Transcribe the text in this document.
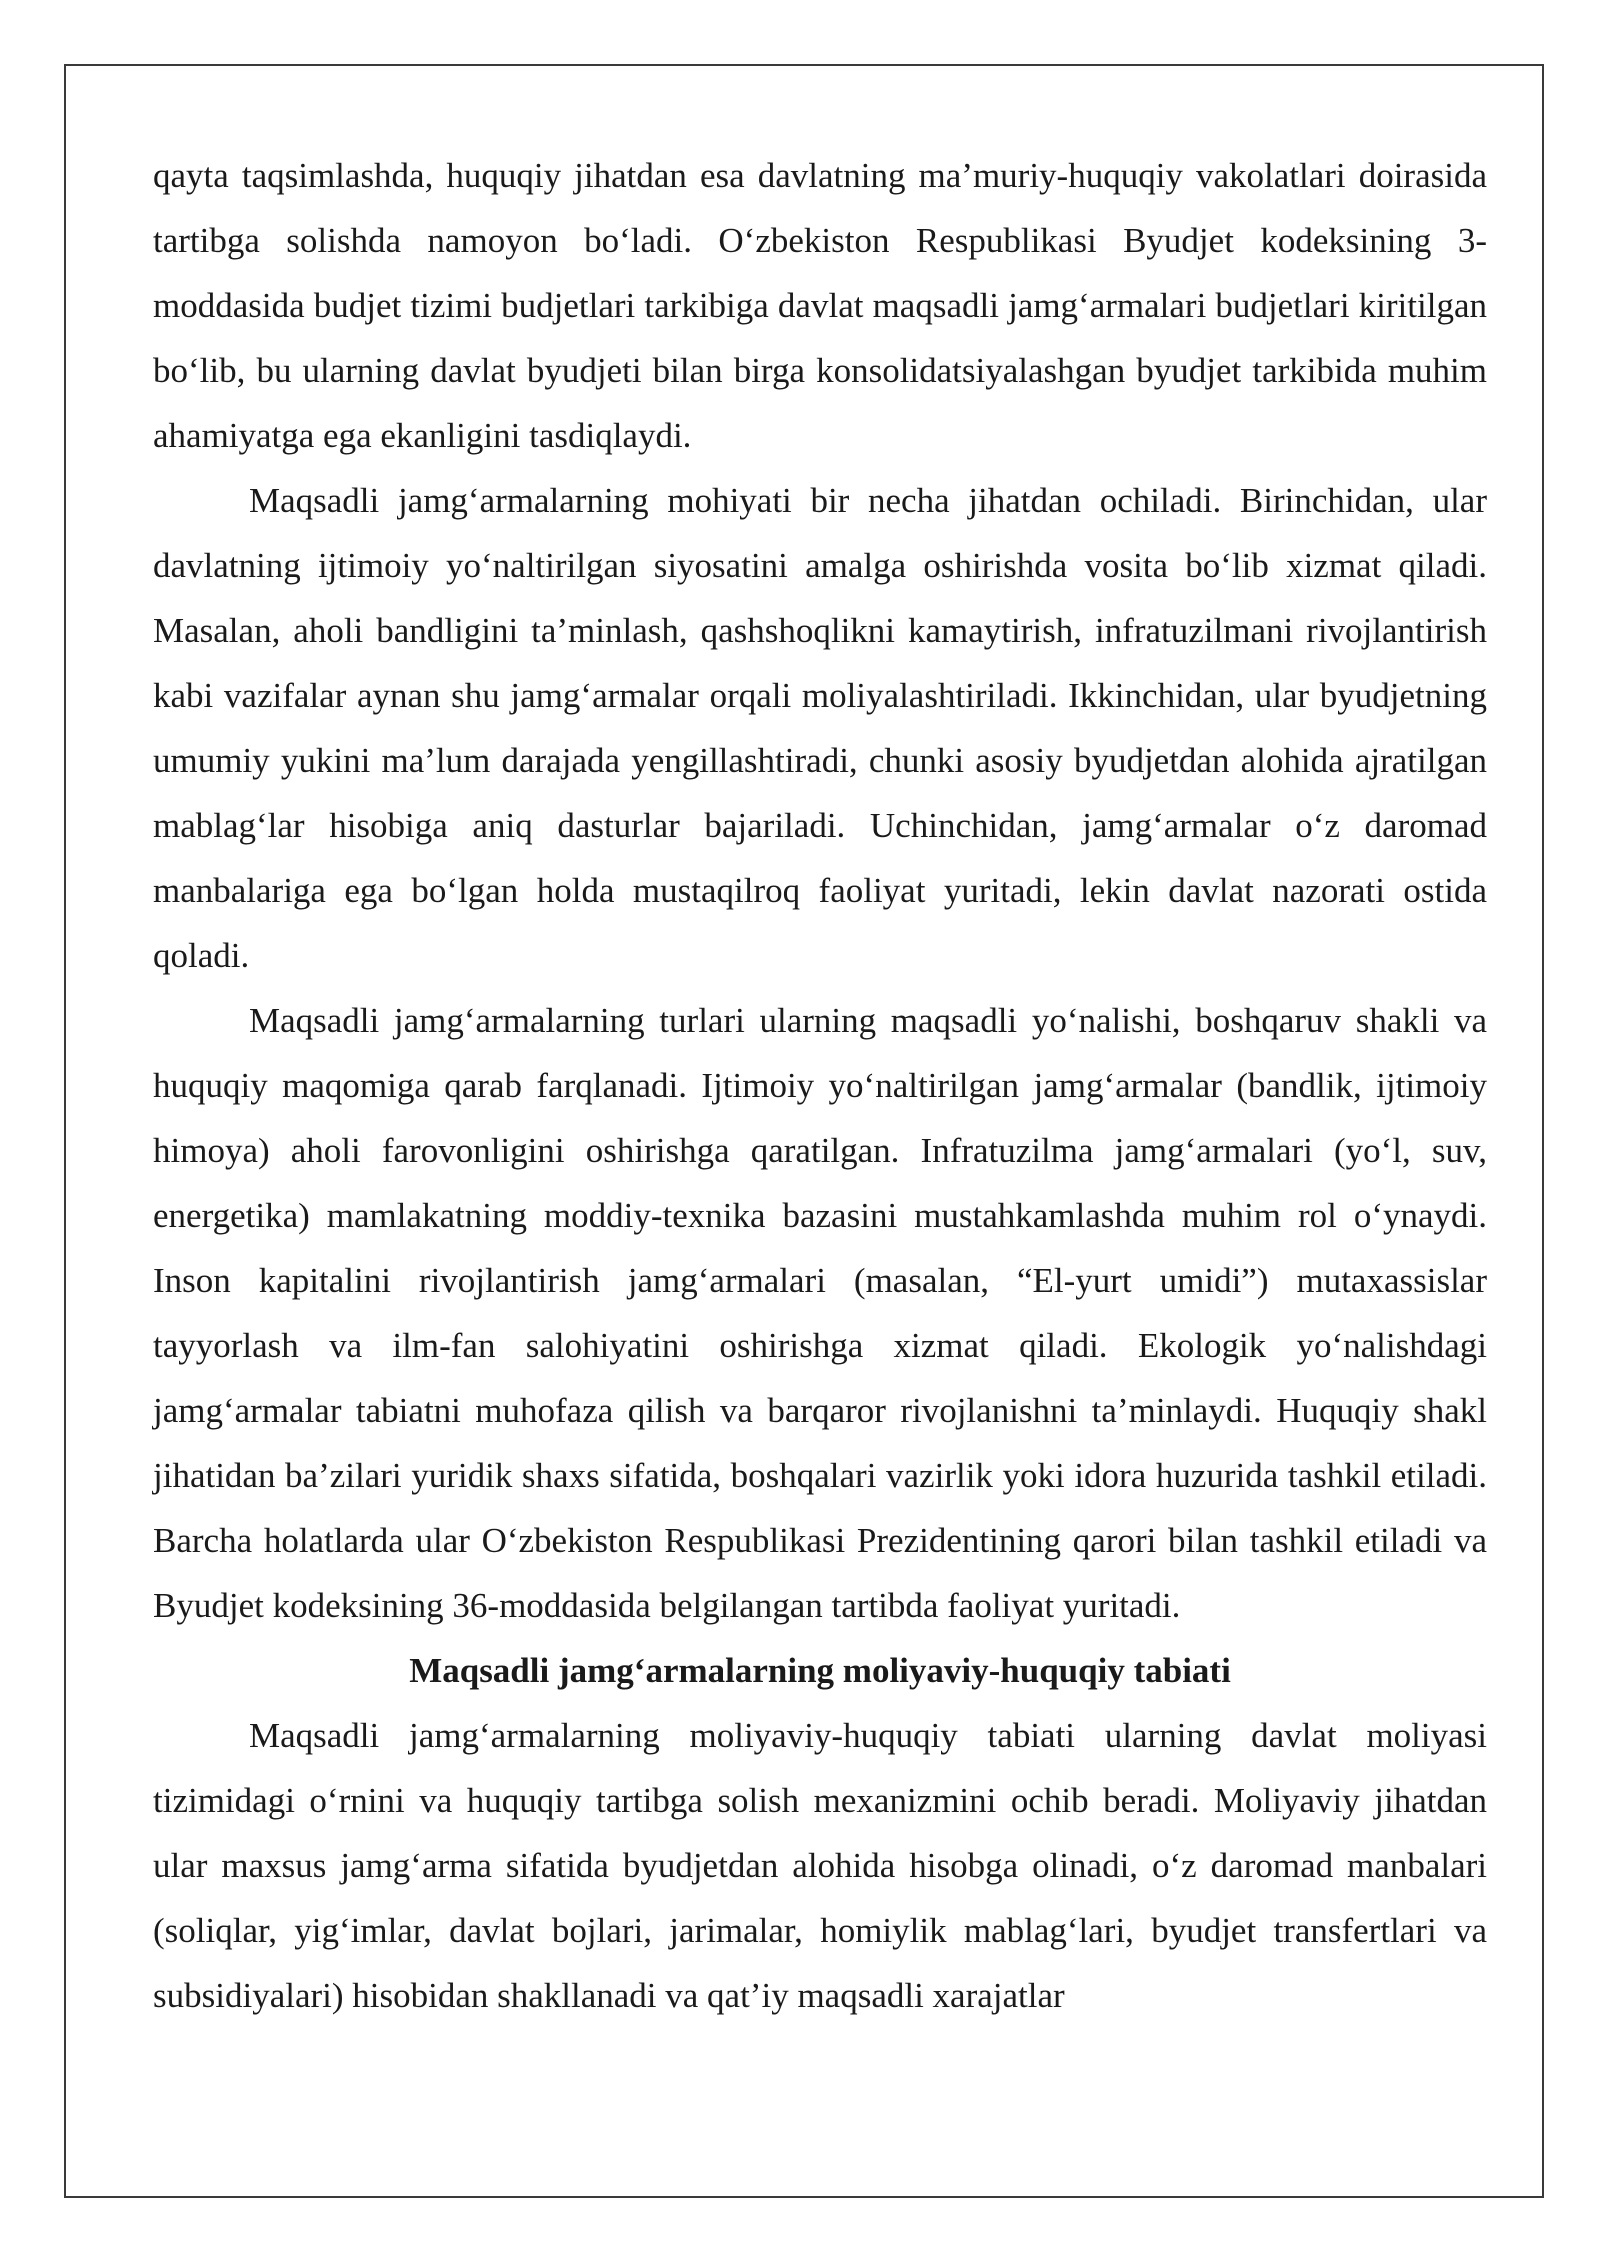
qayta taqsimlashda, huquqiy jihatdan esa davlatning ma’muriy-huquqiy vakolatlari doirasida tartibga solishda namoyon bo‘ladi. O‘zbekiston Respublikasi Byudjet kodeksining 3-moddasida budjet tizimi budjetlari tarkibiga davlat maqsadli jamg‘armalari budjetlari kiritilgan bo‘lib, bu ularning davlat byudjeti bilan birga konsolidatsiyalashgan byudjet tarkibida muhim ahamiyatga ega ekanligini tasdiqlaydi.

Maqsadli jamg‘armalarning mohiyati bir necha jihatdan ochiladi. Birinchidan, ular davlatning ijtimoiy yo‘naltirilgan siyosatini amalga oshirishda vosita bo‘lib xizmat qiladi. Masalan, aholi bandligini ta’minlash, qashshoqlikni kamaytirish, infratuzilmani rivojlantirish kabi vazifalar aynan shu jamg‘armalar orqali moliyalashtiriladi. Ikkinchidan, ular byudjetning umumiy yukini ma’lum darajada yengillashtiradi, chunki asosiy byudjetdan alohida ajratilgan mablag‘lar hisobiga aniq dasturlar bajariladi. Uchinchidan, jamg‘armalar o‘z daromad manbalariga ega bo‘lgan holda mustaqilroq faoliyat yuritadi, lekin davlat nazorati ostida qoladi.

Maqsadli jamg‘armalarning turlari ularning maqsadli yo‘nalishi, boshqaruv shakli va huquqiy maqomiga qarab farqlanadi. Ijtimoiy yo‘naltirilgan jamg‘armalar (bandlik, ijtimoiy himoya) aholi farovonligini oshirishga qaratilgan. Infratuzilma jamg‘armalari (yo‘l, suv, energetika) mamlakatning moddiy-texnika bazasini mustahkamlashda muhim rol o‘ynaydi. Inson kapitalini rivojlantirish jamg‘armalari (masalan, “El-yurt umidi”) mutaxassislar tayyorlash va ilm-fan salohiyatini oshirishga xizmat qiladi. Ekologik yo‘nalishdagi jamg‘armalar tabiatni muhofaza qilish va barqaror rivojlanishni ta’minlaydi. Huquqiy shakl jihatidan ba’zilari yuridik shaxs sifatida, boshqalari vazirlik yoki idora huzurida tashkil etiladi. Barcha holatlarda ular O‘zbekiston Respublikasi Prezidentining qarori bilan tashkil etiladi va Byudjet kodeksining 36-moddasida belgilangan tartibda faoliyat yuritadi.

Maqsadli jamg‘armalarning moliyaviy-huquqiy tabiati

Maqsadli jamg‘armalarning moliyaviy-huquqiy tabiati ularning davlat moliyasi tizimidagi o‘rnini va huquqiy tartibga solish mexanizmini ochib beradi. Moliyaviy jihatdan ular maxsus jamg‘arma sifatida byudjetdan alohida hisobga olinadi, o‘z daromad manbalari (soliqlar, yig‘imlar, davlat bojlari, jarimalar, homiylik mablag‘lari, byudjet transfertlari va subsidiyalari) hisobidan shakllanadi va qat’iy maqsadli xarajatlar
